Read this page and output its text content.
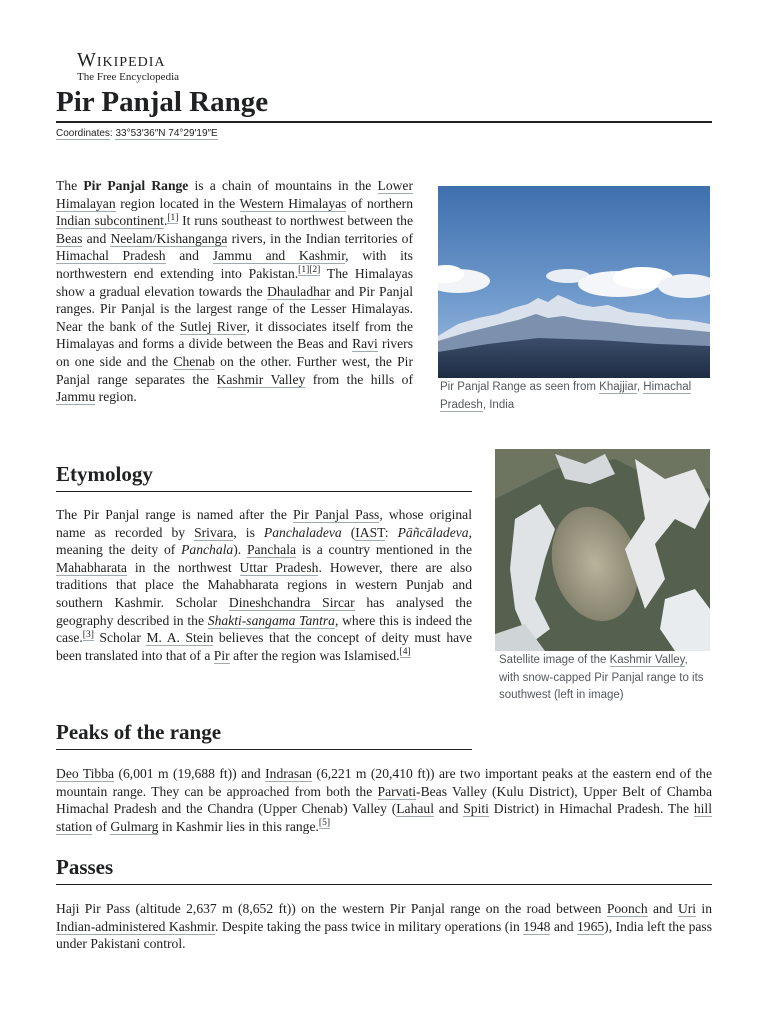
Wikipedia
The Free Encyclopedia
Pir Panjal Range
Coordinates: 33°53′36″N 74°29′19″E
Pir Panjal Range as seen from Khajjiar, Himachal Pradesh, India

The Pir Panjal Range is a chain of mountains in the Lower Himalayan region located in the Western Himalayas of northern Indian subcontinent.[1] It runs southeast to northwest between the Beas and Neelam/Kishanganga rivers, in the Indian territories of Himachal Pradesh and Jammu and Kashmir, with its northwestern end extending into Pakistan.[1][2] The Himalayas show a gradual elevation towards the Dhauladhar and Pir Panjal ranges. Pir Panjal is the largest range of the Lesser Himalayas. Near the bank of the Sutlej River, it dissociates itself from the Himalayas and forms a divide between the Beas and Ravi rivers on one side and the Chenab on the other. Further west, the Pir Panjal range separates the Kashmir Valley from the hills of Jammu region.

Etymology
Satellite image of the Kashmir Valley, with snow-capped Pir Panjal range to its southwest (left in image)

The Pir Panjal range is named after the Pir Panjal Pass, whose original name as recorded by Srivara, is Panchaladeva (IAST: Pāñcāladeva, meaning the deity of Panchala). Panchala is a country mentioned in the Mahabharata in the northwest Uttar Pradesh. However, there are also traditions that place the Mahabharata regions in western Punjab and southern Kashmir. Scholar Dineshchandra Sircar has analysed the geography described in the Shakti-sangama Tantra, where this is indeed the case.[3] Scholar M. A. Stein believes that the concept of deity must have been translated into that of a Pir after the region was Islamised.[4]

Peaks of the range

Deo Tibba (6,001 m (19,688 ft)) and Indrasan (6,221 m (20,410 ft)) are two important peaks at the eastern end of the mountain range. They can be approached from both the Parvati-Beas Valley (Kulu District), Upper Belt of Chamba Himachal Pradesh and the Chandra (Upper Chenab) Valley (Lahaul and Spiti District) in Himachal Pradesh. The hill station of Gulmarg in Kashmir lies in this range.[5]

Passes

Haji Pir Pass (altitude 2,637 m (8,652 ft)) on the western Pir Panjal range on the road between Poonch and Uri in Indian-administered Kashmir. Despite taking the pass twice in military operations (in 1948 and 1965), India left the pass under Pakistani control.
